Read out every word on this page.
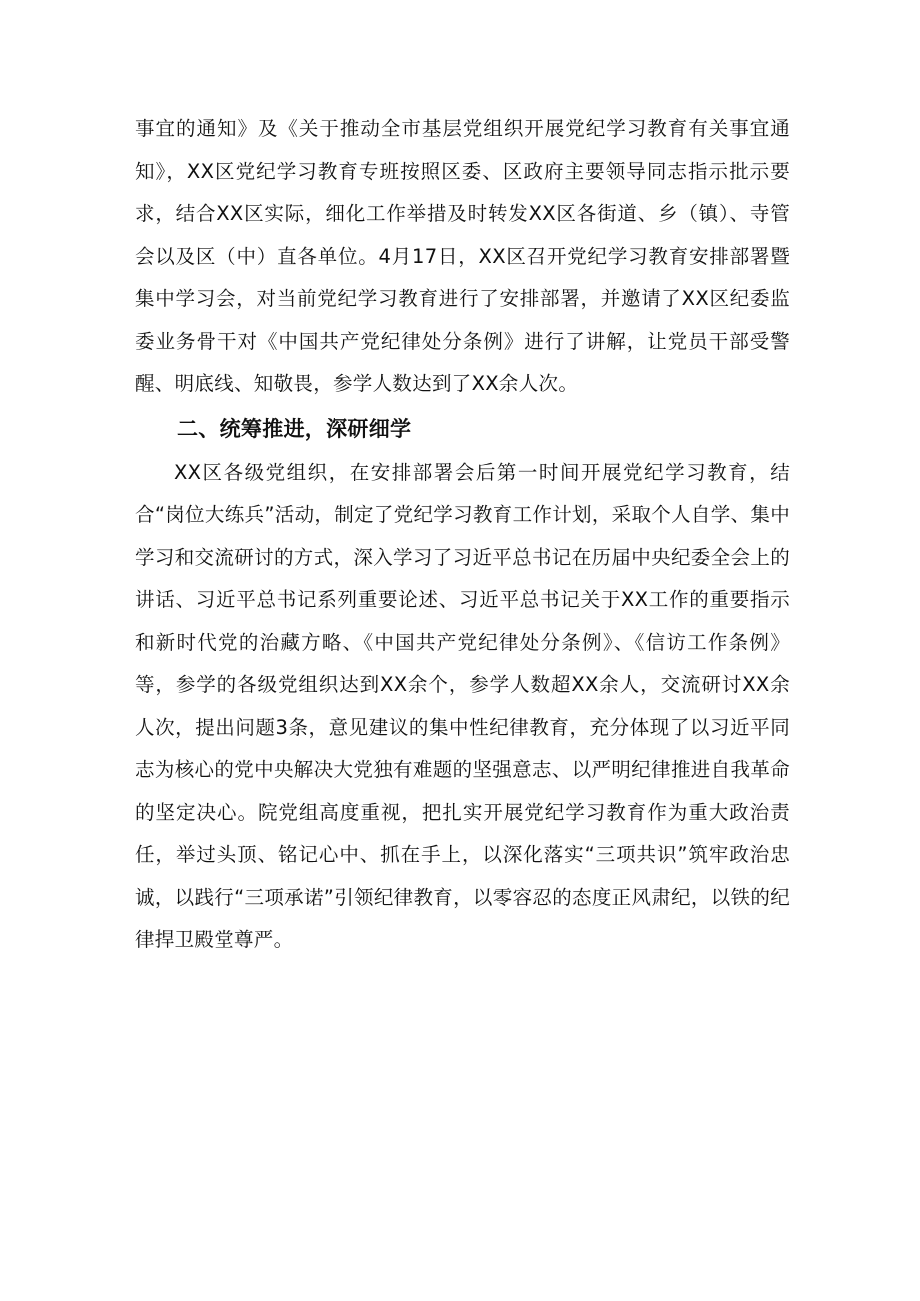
事宜的通知》及《关于推动全市基层党组织开展党纪学习教育有关事宜通知》，XX区党纪学习教育专班按照区委、区政府主要领导同志指示批示要求，结合XX区实际，细化工作举措及时转发XX区各街道、乡（镇）、寺管会以及区（中）直各单位。4月17日，XX区召开党纪学习教育安排部署暨集中学习会，对当前党纪学习教育进行了安排部署，并邀请了XX区纪委监委业务骨干对《中国共产党纪律处分条例》进行了讲解，让党员干部受警醒、明底线、知敬畏，参学人数达到了XX余人次。

二、统筹推进，深研细学

XX区各级党组织，在安排部署会后第一时间开展党纪学习教育，结合“岗位大练兵”活动，制定了党纪学习教育工作计划，采取个人自学、集中学习和交流研讨的方式，深入学习了习近平总书记在历届中央纪委全会上的讲话、习近平总书记系列重要论述、习近平总书记关于XX工作的重要指示和新时代党的治藏方略、《中国共产党纪律处分条例》、《信访工作条例》等，参学的各级党组织达到XX余个，参学人数超XX余人，交流研讨XX余人次，提出问题3条，意见建议的集中性纪律教育，充分体现了以习近平同志为核心的党中央解决大党独有难题的坚强意志、以严明纪律推进自我革命的坚定决心。院党组高度重视，把扎实开展党纪学习教育作为重大政治责任，举过头顶、铭记心中、抓在手上，以深化落实“三项共识”筑牢政治忠诚，以践行“三项承诺”引领纪律教育，以零容忍的态度正风肃纪，以铁的纪律捍卫殿堂尊严。
